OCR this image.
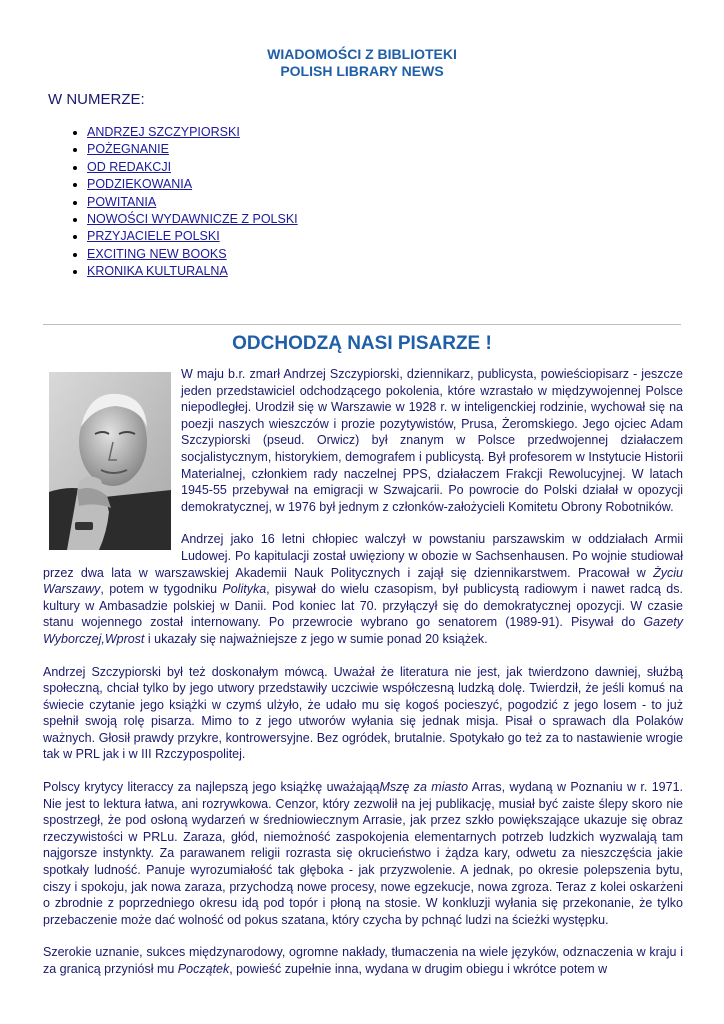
WIADOMOŚCI Z BIBLIOTEKI
POLISH LIBRARY NEWS
W NUMERZE:
• ANDRZEJ SZCZYPIORSKI
• POŻEGNANIE
• OD REDAKCJI
• PODZIEKOWANIA
• POWITANIA
• NOWOŚCI WYDAWNICZE Z POLSKI
• PRZYJACIELE POLSKI
• EXCITING NEW BOOKS
• KRONIKA KULTURALNA
ODCHODZĄ NASI PISARZE !

W maju b.r. zmarł Andrzej Szczypiorski, dziennikarz, publicysta, powieściopisarz - jeszcze jeden przedstawiciel odchodzącego pokolenia, które wzrastało w międzywojennej Polsce niepodległej. Urodził się w Warszawie w 1928 r. w inteligenckiej rodzinie, wychował się na poezji naszych wieszczów i prozie pozytywistów, Prusa, Żeromskiego. Jego ojciec Adam Szczypiorski (pseud. Orwicz) był znanym w Polsce przedwojennej działaczem socjalistycznym, historykiem, demografem i publicystą. Był profesorem w Instytucie Historii Materialnej, członkiem rady naczelnej PPS, działaczem Frakcji Rewolucyjnej. W latach 1945-55 przebywał na emigracji w Szwajcarii. Po powrocie do Polski działał w opozycji demokratycznej, w 1976 był jednym z członków-założycieli Komitetu Obrony Robotników.

Andrzej jako 16 letni chłopiec walczył w powstaniu parszawskim w oddziałach Armii Ludowej. Po kapitulacji został uwięziony w obozie w Sachsenhausen. Po wojnie studiował przez dwa lata w warszawskiej Akademii Nauk Politycznych i zajął się dziennikarstwem. Pracował w Życiu Warszawy, potem w tygodniku Polityka, pisywał do wielu czasopism, był publicystą radiowym i nawet radcą ds. kultury w Ambasadzie polskiej w Danii. Pod koniec lat 70. przyłączył się do demokratycznej opozycji. W czasie stanu wojennego został internowany. Po przewrocie wybrano go senatorem (1989-91). Pisywał do Gazety Wyborczej,Wprost i ukazały się najważniejsze z jego w sumie ponad 20 książek.

Andrzej Szczypiorski był też doskonałym mówcą. Uważał że literatura nie jest, jak twierdzono dawniej, służbą społeczną, chciał tylko by jego utwory przedstawiły uczciwie współczesną ludzką dolę. Twierdził, że jeśli komuś na świecie czytanie jego książki w czymś ulżyło, że udało mu się kogoś pocieszyć, pogodzić z jego losem - to już spełnił swoją rolę pisarza. Mimo to z jego utworów wyłania się jednak misja. Pisał o sprawach dla Polaków ważnych. Głosił prawdy przykre, kontrowersyjne. Bez ogródek, brutalnie. Spotykało go też za to nastawienie wrogie tak w PRL jak i w III Rzczypospolitej.

Polscy krytycy literaccy za najlepszą jego książkę uważająąMszę za miasto Arras, wydaną w Poznaniu w r. 1971. Nie jest to lektura łatwa, ani rozrywkowa. Cenzor, który zezwolił na jej publikację, musiał być zaiste ślepy skoro nie spostrzegł, że pod osłoną wydarzeń w średniowiecznym Arrasie, jak przez szkło powiększające ukazuje się obraz rzeczywistości w PRLu. Zaraza, głód, niemożność zaspokojenia elementarnych potrzeb ludzkich wyzwalają tam najgorsze instynkty. Za parawanem religii rozrasta się okrucieństwo i żądza kary, odwetu za nieszczęścia jakie spotkały ludność. Panuje wyrozumiałość tak głęboka - jak przyzwolenie. A jednak, po okresie polepszenia bytu, ciszy i spokoju, jak nowa zaraza, przychodzą nowe procesy, nowe egzekucje, nowa zgroza. Teraz z kolei oskarżeni o zbrodnie z poprzedniego okresu idą pod topór i płoną na stosie. W konkluzji wyłania się przekonanie, że tylko przebaczenie może dać wolność od pokus szatana, który czycha by pchnąć ludzi na ścieżki występku.

Szerokie uznanie, sukces międzynarodowy, ogromne nakłady, tłumaczenia na wiele języków, odznaczenia w kraju i za granicą przyniósł mu Początek, powieść zupełnie inna, wydana w drugim obiegu i wkrótce potem w
